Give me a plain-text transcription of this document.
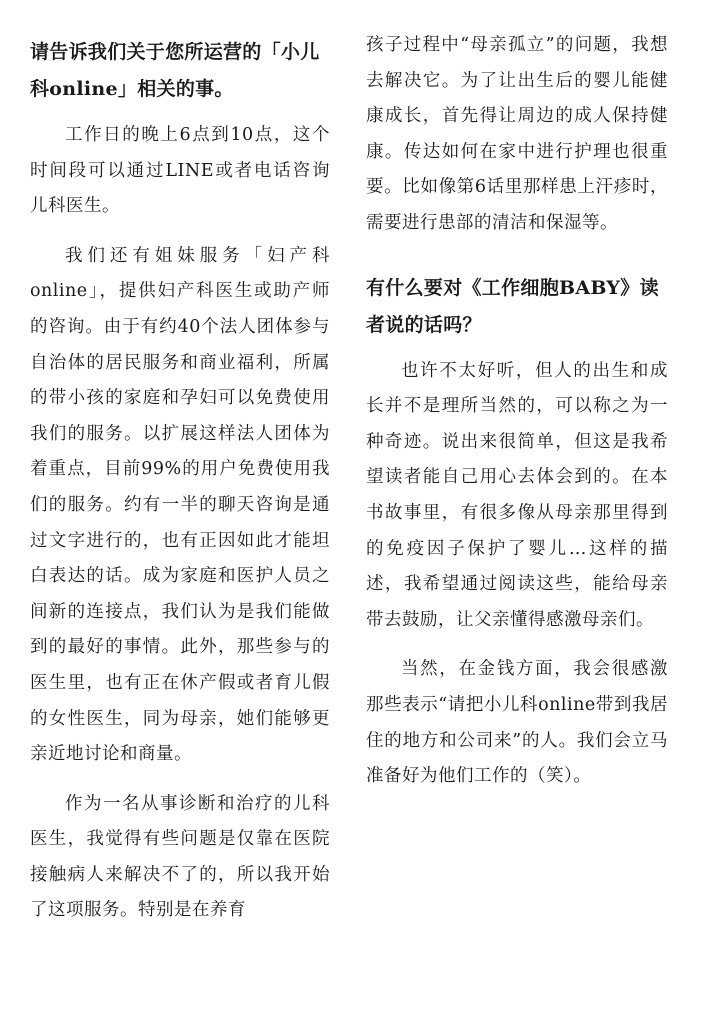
请告诉我们关于您所运营的「小儿科online」相关的事。
工作日的晚上6点到10点，这个时间段可以通过LINE或者电话咨询儿科医生。
我们还有姐妹服务「妇产科online」，提供妇产科医生或助产师的咨询。由于有约40个法人团体参与自治体的居民服务和商业福利，所属的带小孩的家庭和孕妇可以免费使用我们的服务。以扩展这样法人团体为着重点，目前99%的用户免费使用我们的服务。约有一半的聊天咨询是通过文字进行的，也有正因如此才能坦白表达的话。成为家庭和医护人员之间新的连接点，我们认为是我们能做到的最好的事情。此外，那些参与的医生里，也有正在休产假或者育儿假的女性医生，同为母亲，她们能够更亲近地讨论和商量。
作为一名从事诊断和治疗的儿科医生，我觉得有些问题是仅靠在医院接触病人来解决不了的，所以我开始了这项服务。特别是在养育
孩子过程中“母亲孤立”的问题，我想去解决它。为了让出生后的婴儿能健康成长，首先得让周边的成人保持健康。传达如何在家中进行护理也很重要。比如像第6话里那样患上汗疹时，需要进行患部的清洁和保湿等。
有什么要对《工作细胞BABY》读者说的话吗？
也许不太好听，但人的出生和成长并不是理所当然的，可以称之为一种奇迹。说出来很简单，但这是我希望读者能自己用心去体会到的。在本书故事里，有很多像从母亲那里得到的免疫因子保护了婴儿…这样的描述，我希望通过阅读这些，能给母亲带去鼓励，让父亲懂得感激母亲们。
当然，在金钱方面，我会很感激那些表示“请把小儿科online带到我居住的地方和公司来”的人。我们会立马准备好为他们工作的（笑）。
